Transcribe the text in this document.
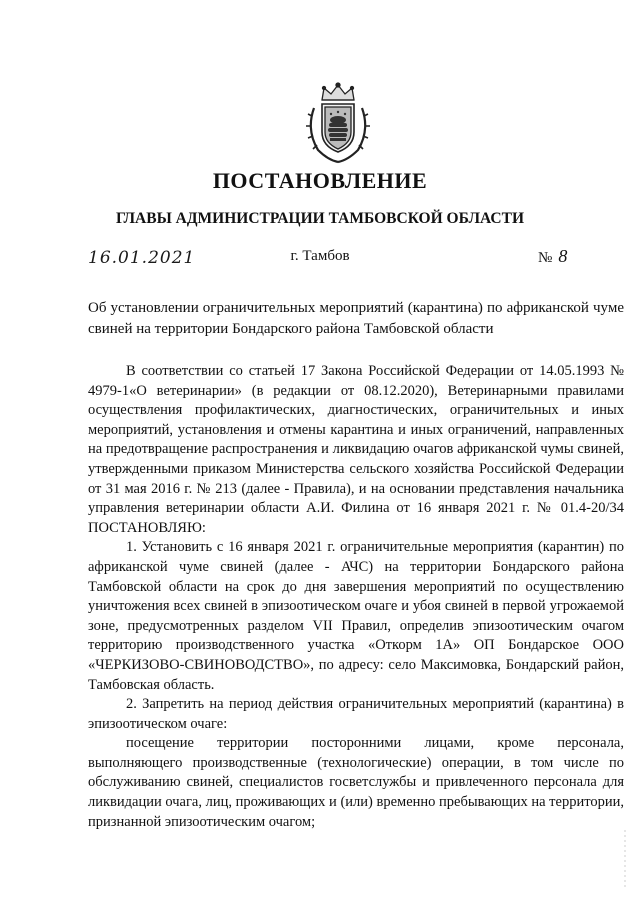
ПОСТАНОВЛЕНИЕ
ГЛАВЫ АДМИНИСТРАЦИИ ТАМБОВСКОЙ ОБЛАСТИ
16.01.2021	г. Тамбов	№ 8
Об установлении ограничительных мероприятий (карантина) по африканской чуме свиней на территории Бондарского района Тамбовской области

В соответствии со статьей 17 Закона Российской Федерации от 14.05.1993 № 4979-1«О ветеринарии» (в редакции от 08.12.2020), Ветеринарными правилами осуществления профилактических, диагностических, ограничительных и иных мероприятий, установления и отмены карантина и иных ограничений, направленных на предотвращение распространения и ликвидацию очагов африканской чумы свиней, утвержденными приказом Министерства сельского хозяйства Российской Федерации от 31 мая 2016 г. № 213 (далее - Правила), и на основании представления начальника управления ветеринарии области А.И. Филина от 16 января 2021 г. № 01.4-20/34 ПОСТАНОВЛЯЮ:

1. Установить с 16 января 2021 г. ограничительные мероприятия (карантин) по африканской чуме свиней (далее - АЧС) на территории Бондарского района Тамбовской области на срок до дня завершения мероприятий по осуществлению уничтожения всех свиней в эпизоотическом очаге и убоя свиней в первой угрожаемой зоне, предусмотренных разделом VII Правил, определив эпизоотическим очагом территорию производственного участка «Откорм 1А» ОП Бондарское ООО «ЧЕРКИЗОВО-СВИНОВОДСТВО», по адресу: село Максимовка, Бондарский район, Тамбовская область.

2. Запретить на период действия ограничительных мероприятий (карантина) в эпизоотическом очаге:

посещение территории посторонними лицами, кроме персонала, выполняющего производственные (технологические) операции, в том числе по обслуживанию свиней, специалистов госветслужбы и привлеченного персонала для ликвидации очага, лиц, проживающих и (или) временно пребывающих на территории, признанной эпизоотическим очагом;
